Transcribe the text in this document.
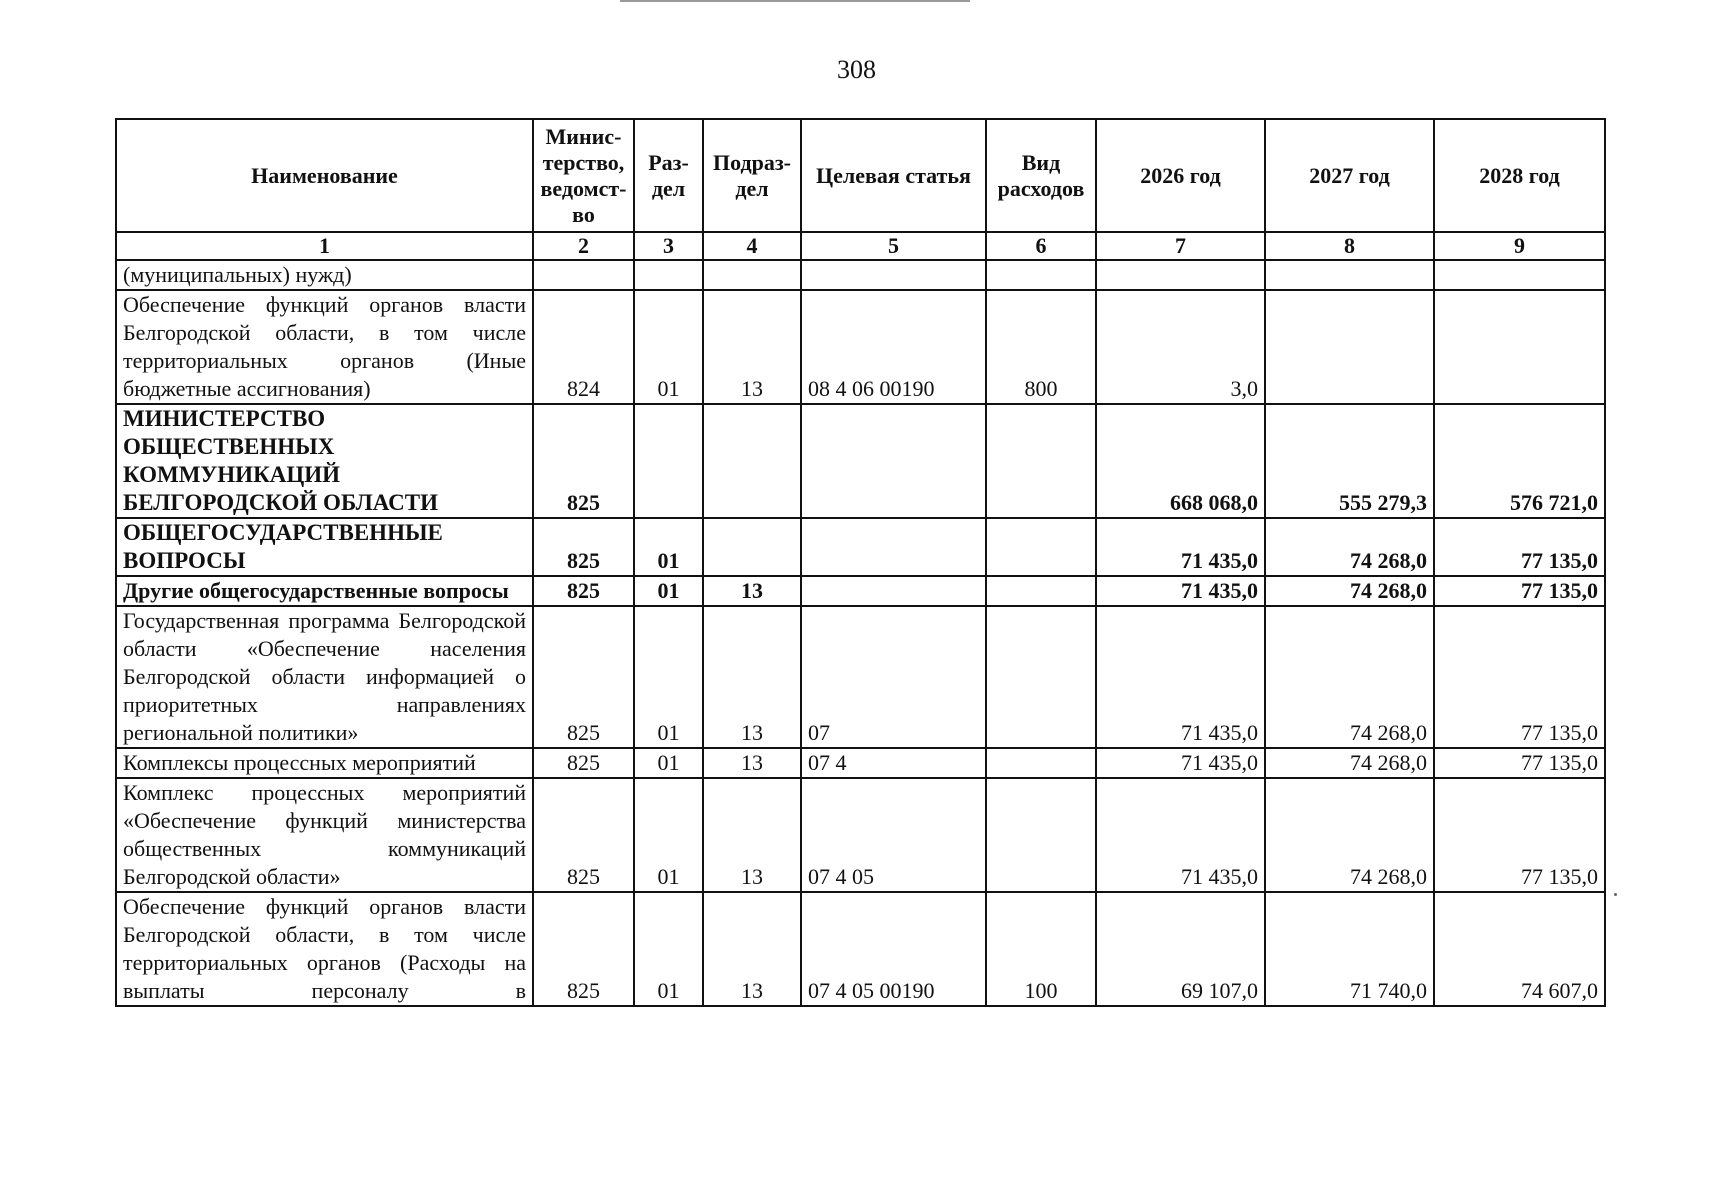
308
Наименование	Минис-терство, ведомст-во	Раз-дел	Подраз-дел	Целевая статья	Вид расходов	2026 год	2027 год	2028 год
1	2	3	4	5	6	7	8	9
(муниципальных) нужд)								
Обеспечение функций органов власти Белгородской области, в том числе территориальных органов (Иные бюджетные ассигнования)	824	01	13	08 4 06 00190	800	3,0		
МИНИСТЕРСТВО ОБЩЕСТВЕННЫХ КОММУНИКАЦИЙ БЕЛГОРОДСКОЙ ОБЛАСТИ	825					668 068,0	555 279,3	576 721,0
ОБЩЕГОСУДАРСТВЕННЫЕ ВОПРОСЫ	825	01				71 435,0	74 268,0	77 135,0
Другие общегосударственные вопросы	825	01	13			71 435,0	74 268,0	77 135,0
Государственная программа Белгородской области «Обеспечение населения Белгородской области информацией о приоритетных направлениях региональной политики»	825	01	13	07		71 435,0	74 268,0	77 135,0
Комплексы процессных мероприятий	825	01	13	07 4		71 435,0	74 268,0	77 135,0
Комплекс процессных мероприятий «Обеспечение функций министерства общественных коммуникаций Белгородской области»	825	01	13	07 4 05		71 435,0	74 268,0	77 135,0
Обеспечение функций органов власти Белгородской области, в том числе территориальных органов (Расходы на выплаты персоналу в	825	01	13	07 4 05 00190	100	69 107,0	71 740,0	74 607,0
